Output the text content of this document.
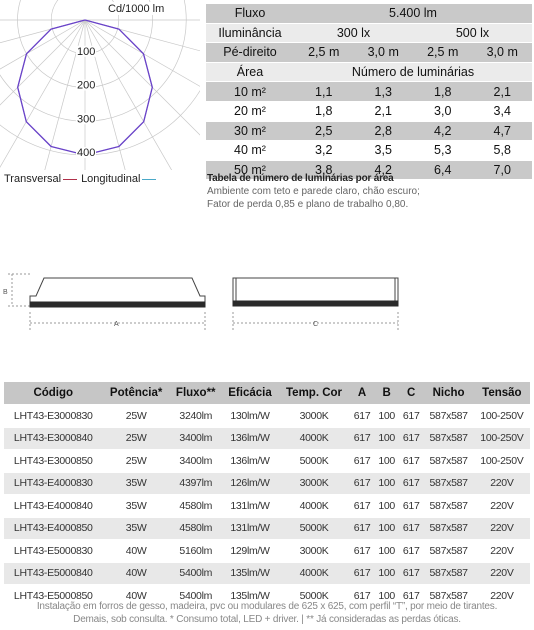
100
200
300
400
Cd/1000 lm
Transversal Longitudinal
Fluxo	5.400 lm			
Iluminância	300 lx		500 lx	
Pé-direito	2,5 m	3,0 m	2,5 m	3,0 m
Área	Número de luminárias			
10 m²	1,1	1,3	1,8	2,1
20 m²	1,8	2,1	3,0	3,4
30 m²	2,5	2,8	4,2	4,7
40 m²	3,2	3,5	5,3	5,8
50 m²	3,8	4,2	6,4	7,0
Tabela de número de luminárias por área
Ambiente com teto e parede claro, chão escuro;
Fator de perda 0,85 e plano de trabalho 0,80.
B
A	C
Código	Potência*	Fluxo**	Eficácia	Temp. Cor	A	B	C	Nicho	Tensão
LHT43-E3000830	25W	3240lm	130lm/W	3000K	617	100	617	587x587	100-250V
LHT43-E3000840	25W	3400lm	136lm/W	4000K	617	100	617	587x587	100-250V
LHT43-E3000850	25W	3400lm	136lm/W	5000K	617	100	617	587x587	100-250V
LHT43-E4000830	35W	4397lm	126lm/W	3000K	617	100	617	587x587	220V
LHT43-E4000840	35W	4580lm	131lm/W	4000K	617	100	617	587x587	220V
LHT43-E4000850	35W	4580lm	131lm/W	5000K	617	100	617	587x587	220V
LHT43-E5000830	40W	5160lm	129lm/W	3000K	617	100	617	587x587	220V
LHT43-E5000840	40W	5400lm	135lm/W	4000K	617	100	617	587x587	220V
LHT43-E5000850	40W	5400lm	135lm/W	5000K	617	100	617	587x587	220V
Instalação em forros de gesso, madeira, pvc ou modulares de 625 x 625, com perfil “T”, por meio de tirantes.
Demais, sob consulta. * Consumo total, LED + driver. | ** Já consideradas as perdas óticas.
